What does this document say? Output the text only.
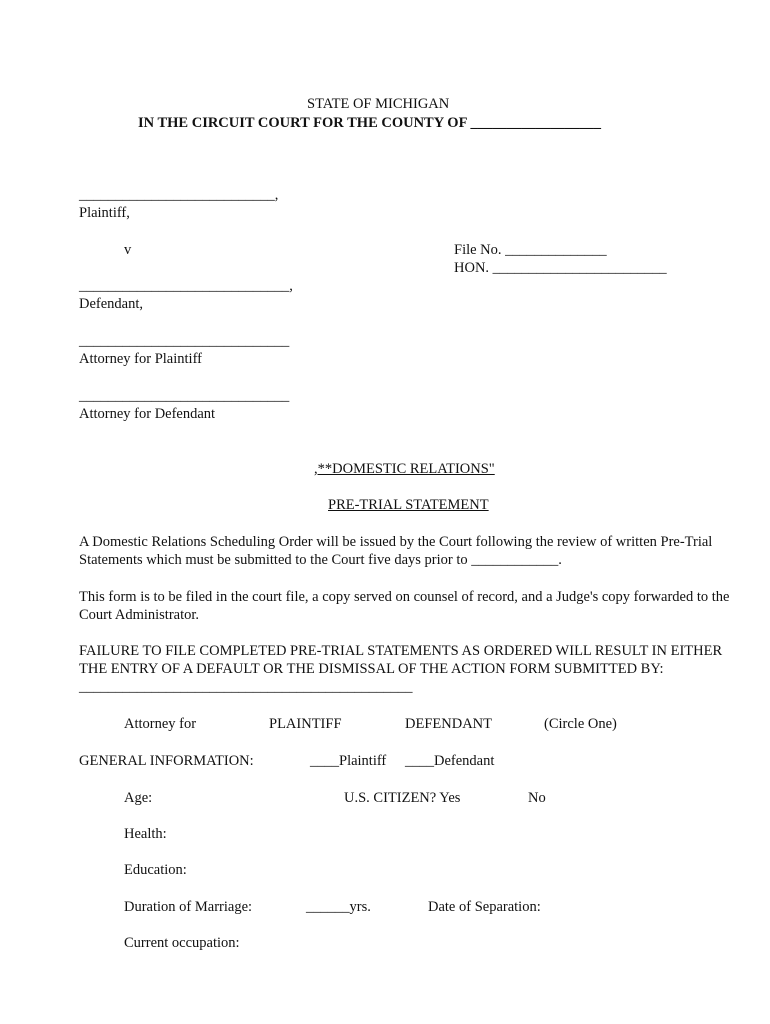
STATE OF MICHIGAN
IN THE CIRCUIT COURT FOR THE COUNTY OF __________________
___________________________,
Plaintiff,
v	File No. ______________
HON. ________________________
_____________________________,
Defendant,
_____________________________
Attorney for Plaintiff
_____________________________
Attorney for Defendant
,**DOMESTIC RELATIONS"
PRE-TRIAL STATEMENT
A Domestic Relations Scheduling Order will be issued by the Court following the review of written Pre-Trial Statements which must be submitted to the Court five days prior to ____________.
This form is to be filed in the court file, a copy served on counsel of record, and a Judge's copy forwarded to the Court Administrator.
FAILURE TO FILE COMPLETED PRE-TRIAL STATEMENTS AS ORDERED WILL RESULT IN EITHER THE ENTRY OF A DEFAULT OR THE DISMISSAL OF THE ACTION FORM SUBMITTED BY: ______________________________________________
Attorney for	PLAINTIFF	DEFENDANT	(Circle One)
GENERAL INFORMATION:	____Plaintiff ____Defendant
Age:	U.S. CITIZEN? Yes	No
Health:
Education:
Duration of Marriage:	______yrs.	Date of Separation:
Current occupation:
